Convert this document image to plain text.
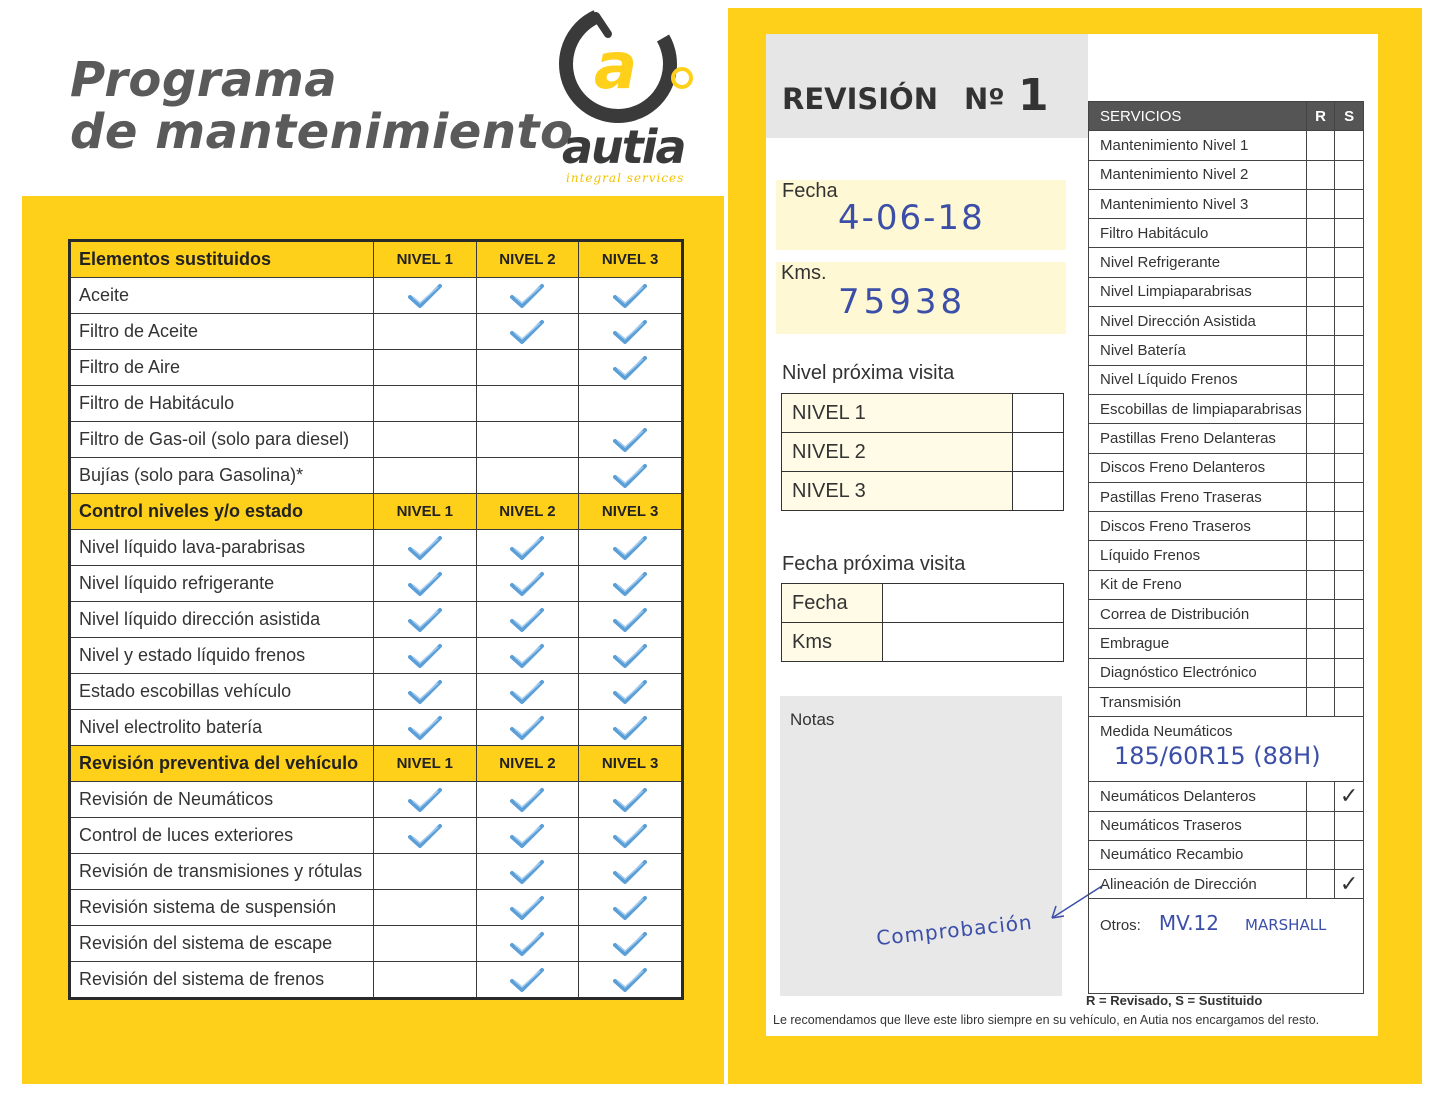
Programa
de mantenimiento
a
autia
integral services
Elementos sustituidos	NIVEL 1	NIVEL 2	NIVEL 3
Aceite			
Filtro de Aceite			
Filtro de Aire			
Filtro de Habitáculo			
Filtro de Gas-oil (solo para diesel)			
Bujías (solo para Gasolina)*			
Control niveles y/o estado	NIVEL 1	NIVEL 2	NIVEL 3
Nivel líquido lava-parabrisas			
Nivel líquido refrigerante			
Nivel líquido dirección asistida			
Nivel y estado líquido frenos			
Estado escobillas vehículo			
Nivel electrolito batería			
Revisión preventiva del vehículo	NIVEL 1	NIVEL 2	NIVEL 3
Revisión de Neumáticos			
Control de luces exteriores			
Revisión de transmisiones y rótulas			
Revisión sistema de suspensión			
Revisión del sistema de escape			
Revisión del sistema de frenos			
REVISIÓN Nº 1
Fecha
4-06-18
Kms.
75938
Nivel próxima visita
NIVEL 1	
NIVEL 2	
NIVEL 3	
Fecha próxima visita
Fecha	
Kms	
Notas
Comprobación
SERVICIOS	R	S
Mantenimiento Nivel 1		
Mantenimiento Nivel 2		
Mantenimiento Nivel 3		
Filtro Habitáculo		
Nivel Refrigerante		
Nivel Limpiaparabrisas		
Nivel Dirección Asistida		
Nivel Batería		
Nivel Líquido Frenos		
Escobillas de limpiaparabrisas		
Pastillas Freno Delanteras		
Discos Freno Delanteros		
Pastillas Freno Traseras		
Discos Freno Traseros		
Líquido Frenos		
Kit de Freno		
Correa de Distribución		
Embrague		
Diagnóstico Electrónico		
Transmisión		

Medida Neumáticos
185/60R15 (88H)		

Neumáticos Delanteros		✓
Neumáticos Traseros		
Neumático Recambio		
Alineación de Dirección		✓
Otros: MV.12 MARSHALL		
R = Revisado, S = Sustituido
Le recomendamos que lleve este libro siempre en su vehículo, en Autia nos encargamos del resto.
